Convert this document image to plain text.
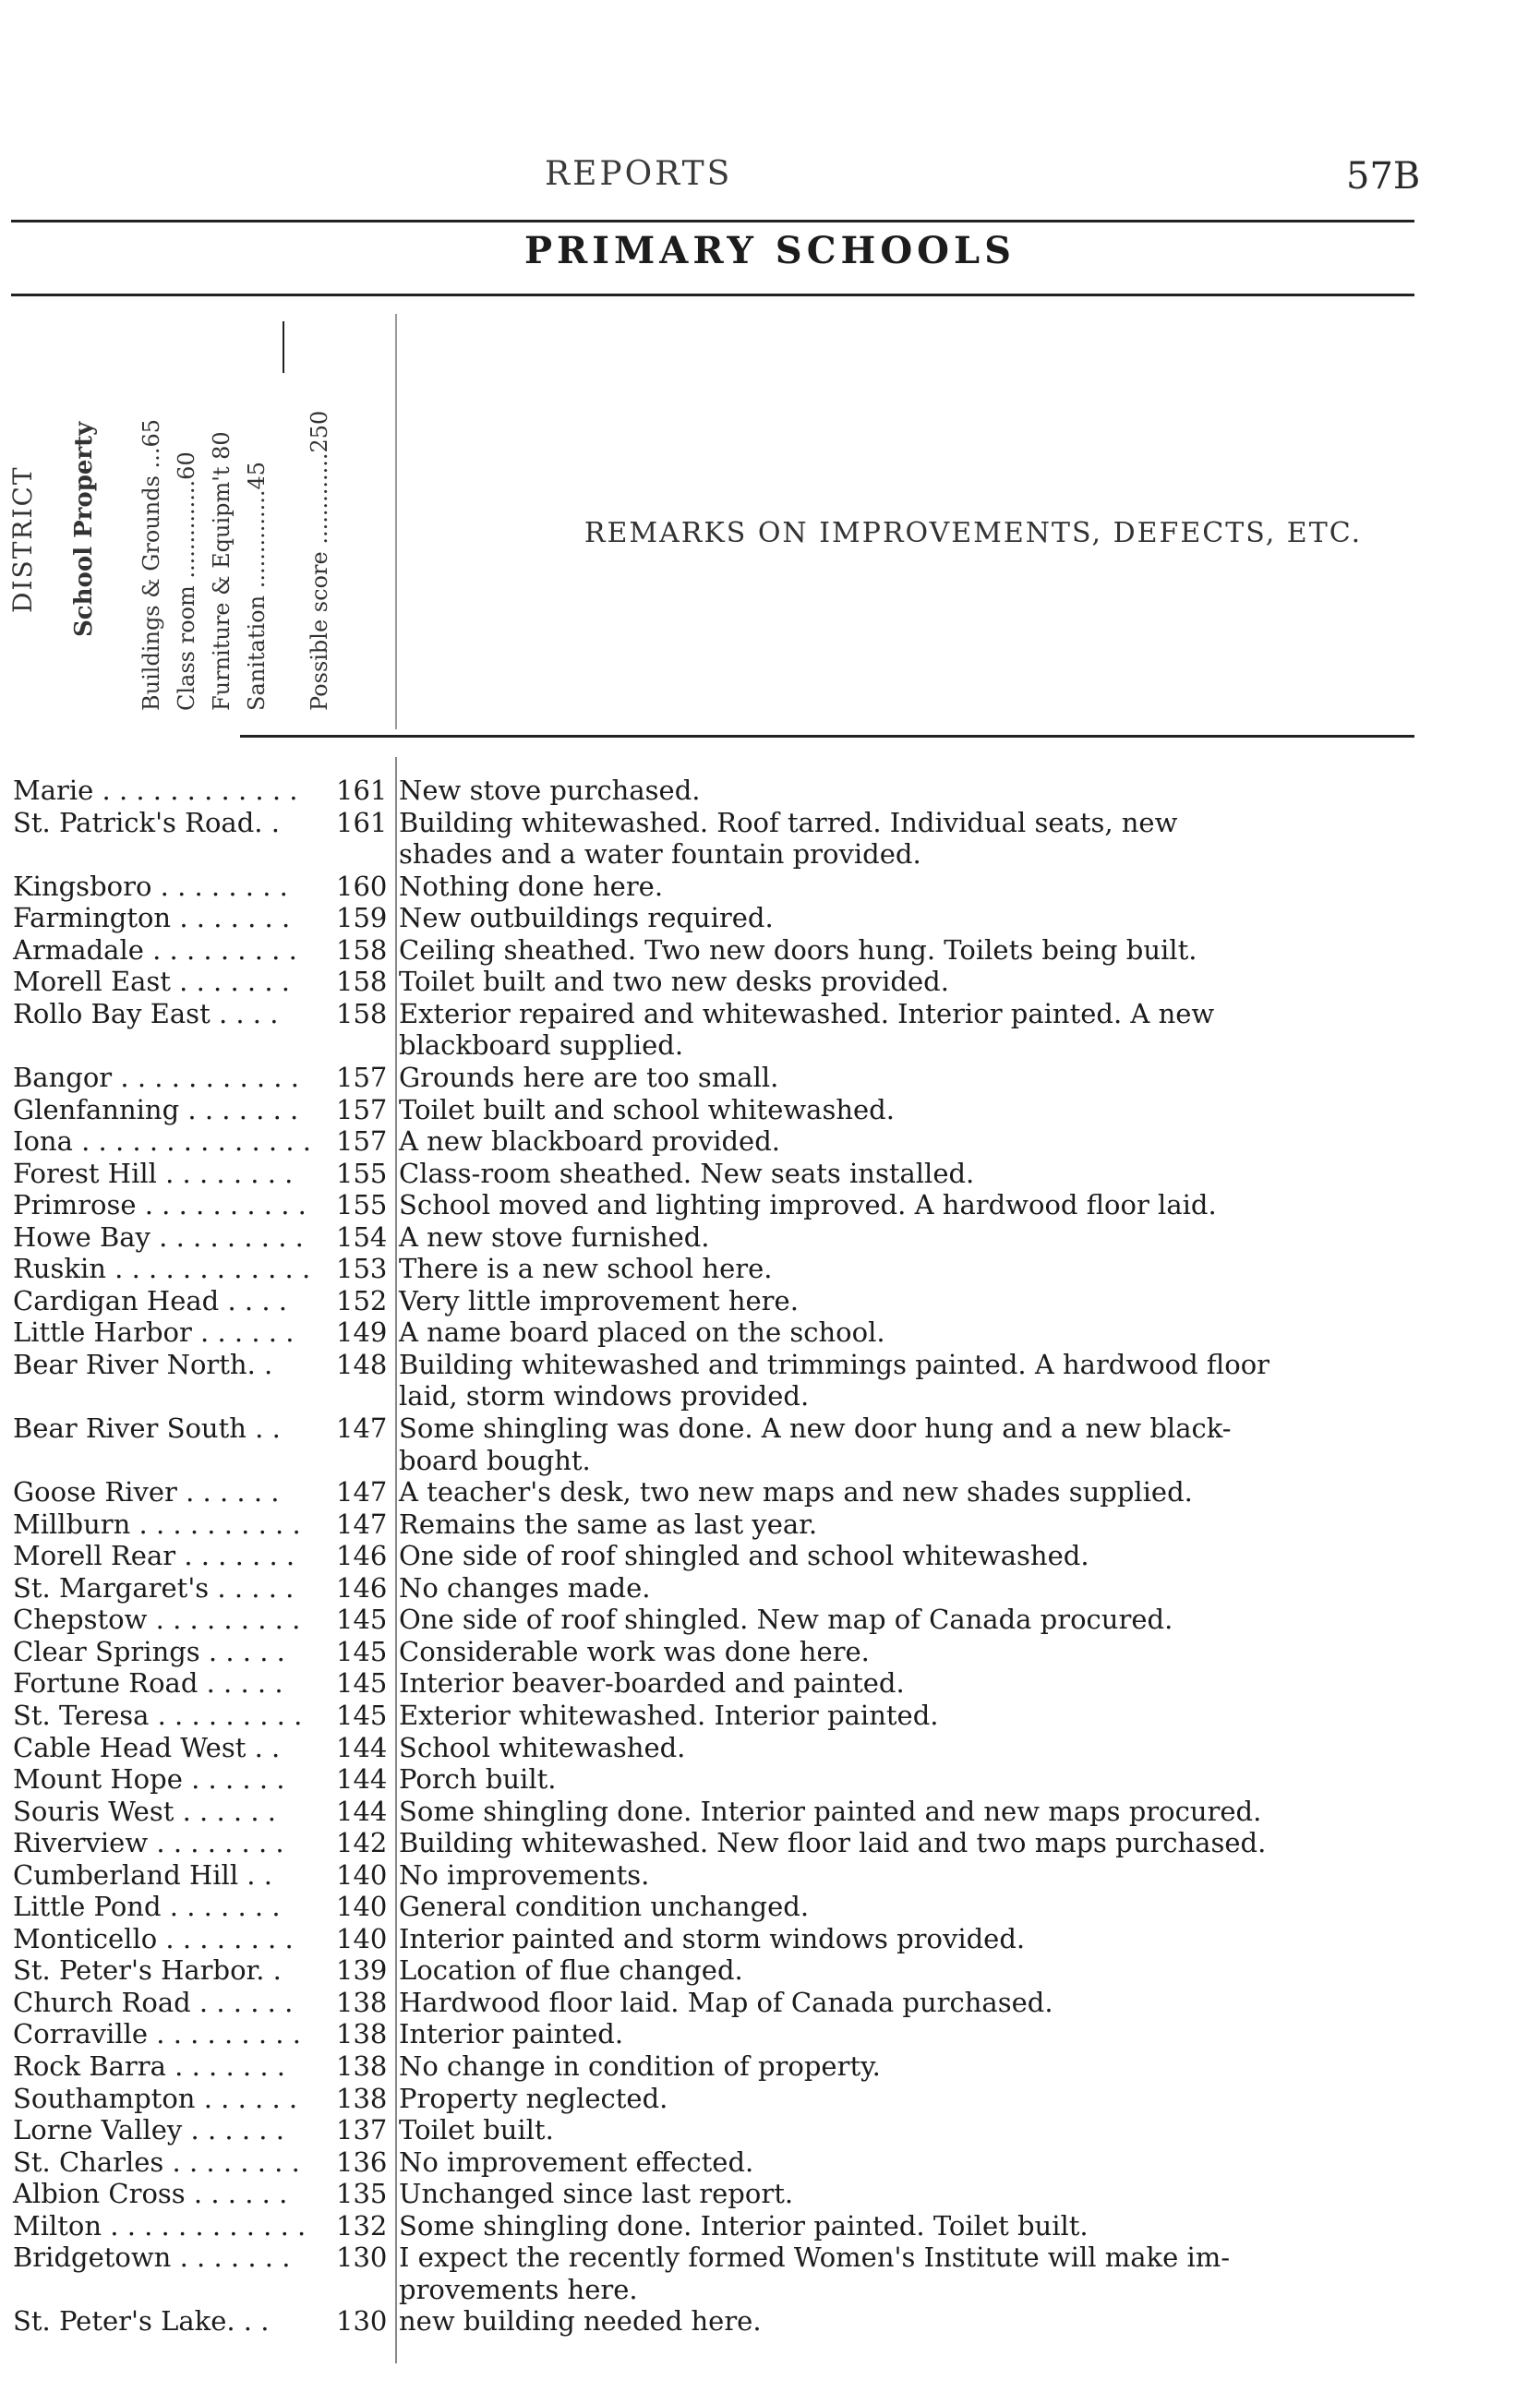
REPORTS	57B
PRIMARY SCHOOLS
DISTRICT School Property Buildings & Grounds ...65 Class room ..............60 Furniture & Equipm't 80 Sanitation ..............45 Possible score .............250	REMARKS ON IMPROVEMENTS, DEFECTS, ETC.
Marie . . . . . . . . . . . . 161 New stove purchased.
St. Patrick's Road. . 161 Building whitewashed. Roof tarred. Individual seats, new
shades and a water fountain provided.
Kingsboro . . . . . . . . 160 Nothing done here.
Farmington . . . . . . . 159 New outbuildings required.
Armadale . . . . . . . . . 158 Ceiling sheathed. Two new doors hung. Toilets being built.
Morell East . . . . . . . 158 Toilet built and two new desks provided.
Rollo Bay East . . . . 158 Exterior repaired and whitewashed. Interior painted. A new
blackboard supplied.
Bangor . . . . . . . . . . . 157 Grounds here are too small.
Glenfanning . . . . . . . 157 Toilet built and school whitewashed.
Iona . . . . . . . . . . . . . . 157 A new blackboard provided.
Forest Hill . . . . . . . . 155 Class-room sheathed. New seats installed.
Primrose . . . . . . . . . . 155 School moved and lighting improved. A hardwood floor laid.
Howe Bay . . . . . . . . . 154 A new stove furnished.
Ruskin . . . . . . . . . . . . 153 There is a new school here.
Cardigan Head . . . . 152 Very little improvement here.
Little Harbor . . . . . . 149 A name board placed on the school.
Bear River North. . 148 Building whitewashed and trimmings painted. A hardwood floor
laid, storm windows provided.
Bear River South . . 147 Some shingling was done. A new door hung and a new black-
board bought.
Goose River . . . . . . 147 A teacher's desk, two new maps and new shades supplied.
Millburn . . . . . . . . . . 147 Remains the same as last year.
Morell Rear . . . . . . . 146 One side of roof shingled and school whitewashed.
St. Margaret's . . . . . 146 No changes made.
Chepstow . . . . . . . . . 145 One side of roof shingled. New map of Canada procured.
Clear Springs . . . . . 145 Considerable work was done here.
Fortune Road . . . . . 145 Interior beaver-boarded and painted.
St. Teresa . . . . . . . . . 145 Exterior whitewashed. Interior painted.
Cable Head West . . 144 School whitewashed.
Mount Hope . . . . . . 144 Porch built.
Souris West . . . . . . 144 Some shingling done. Interior painted and new maps procured.
Riverview . . . . . . . . 142 Building whitewashed. New floor laid and two maps purchased.
Cumberland Hill . . 140 No improvements.
Little Pond . . . . . . . 140 General condition unchanged.
Monticello . . . . . . . . 140 Interior painted and storm windows provided.
St. Peter's Harbor. . 139 Location of flue changed.
Church Road . . . . . . 138 Hardwood floor laid. Map of Canada purchased.
Corraville . . . . . . . . . 138 Interior painted.
Rock Barra . . . . . . . 138 No change in condition of property.
Southampton . . . . . . 138 Property neglected.
Lorne Valley . . . . . . 137 Toilet built.
St. Charles . . . . . . . . 136 No improvement effected.
Albion Cross . . . . . . 135 Unchanged since last report.
Milton . . . . . . . . . . . . 132 Some shingling done. Interior painted. Toilet built.
Bridgetown . . . . . . . 130 I expect the recently formed Women's Institute will make im-
provements here.
St. Peter's Lake. . .	130 new building needed here.
